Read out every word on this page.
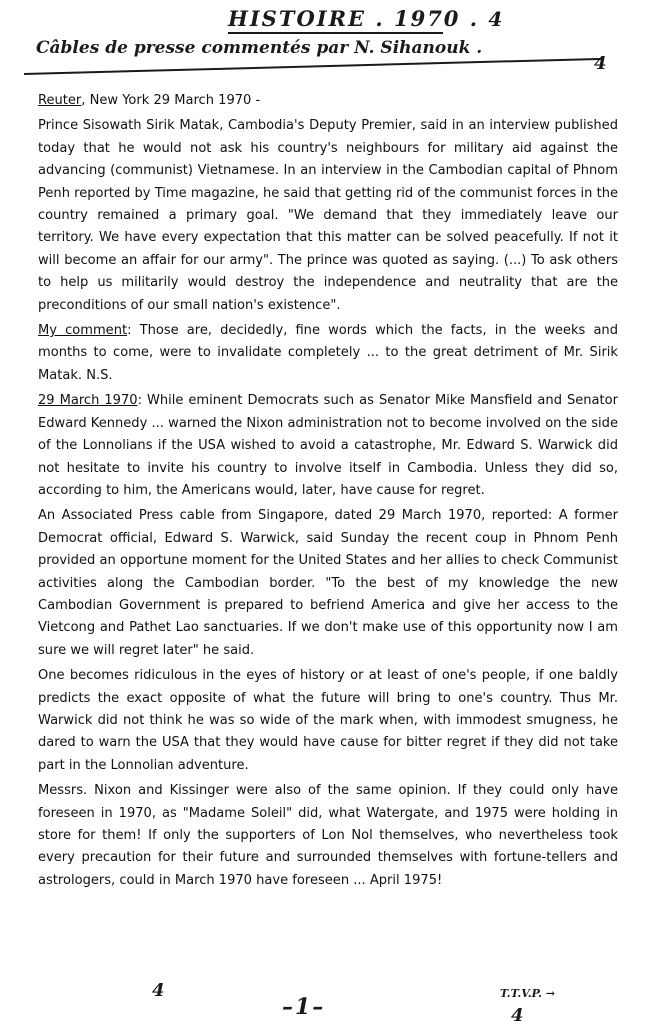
HISTOIRE . 1970 . 4
Câbles de presse commentés par N. Sihanouk .
4

Reuter, New York 29 March 1970 -

Prince Sisowath Sirik Matak, Cambodia's Deputy Premier, said in an interview published today that he would not ask his country's neighbours for military aid against the advancing (communist) Vietnamese. In an interview in the Cambodian capital of Phnom Penh reported by Time magazine, he said that getting rid of the communist forces in the country remained a primary goal. "We demand that they immediately leave our territory. We have every expectation that this matter can be solved peacefully. If not it will become an affair for our army". The prince was quoted as saying. (...) To ask others to help us militarily would destroy the independence and neutrality that are the preconditions of our small nation's existence".

My comment: Those are, decidedly, fine words which the facts, in the weeks and months to come, were to invalidate completely ... to the great detriment of Mr. Sirik Matak. N.S.

29 March 1970: While eminent Democrats such as Senator Mike Mansfield and Senator Edward Kennedy ... warned the Nixon administration not to become involved on the side of the Lonnolians if the USA wished to avoid a catastrophe, Mr. Edward S. Warwick did not hesitate to invite his country to involve itself in Cambodia. Unless they did so, according to him, the Americans would, later, have cause for regret.

An Associated Press cable from Singapore, dated 29 March 1970, reported: A former Democrat official, Edward S. Warwick, said Sunday the recent coup in Phnom Penh provided an opportune moment for the United States and her allies to check Communist activities along the Cambodian border. "To the best of my knowledge the new Cambodian Government is prepared to befriend America and give her access to the Vietcong and Pathet Lao sanctuaries. If we don't make use of this opportunity now I am sure we will regret later" he said.

One becomes ridiculous in the eyes of history or at least of one's people, if one baldly predicts the exact opposite of what the future will bring to one's country. Thus Mr. Warwick did not think he was so wide of the mark when, with immodest smugness, he dared to warn the USA that they would have cause for bitter regret if they did not take part in the Lonnolian adventure.

Messrs. Nixon and Kissinger were also of the same opinion. If they could only have foreseen in 1970, as "Madame Soleil" did, what Watergate, and 1975 were holding in store for them! If only the supporters of Lon Nol themselves, who nevertheless took every precaution for their future and surrounded themselves with fortune-tellers and astrologers, could in March 1970 have foreseen ... April 1975!

4
–1–
T.T.V.P. →
4
